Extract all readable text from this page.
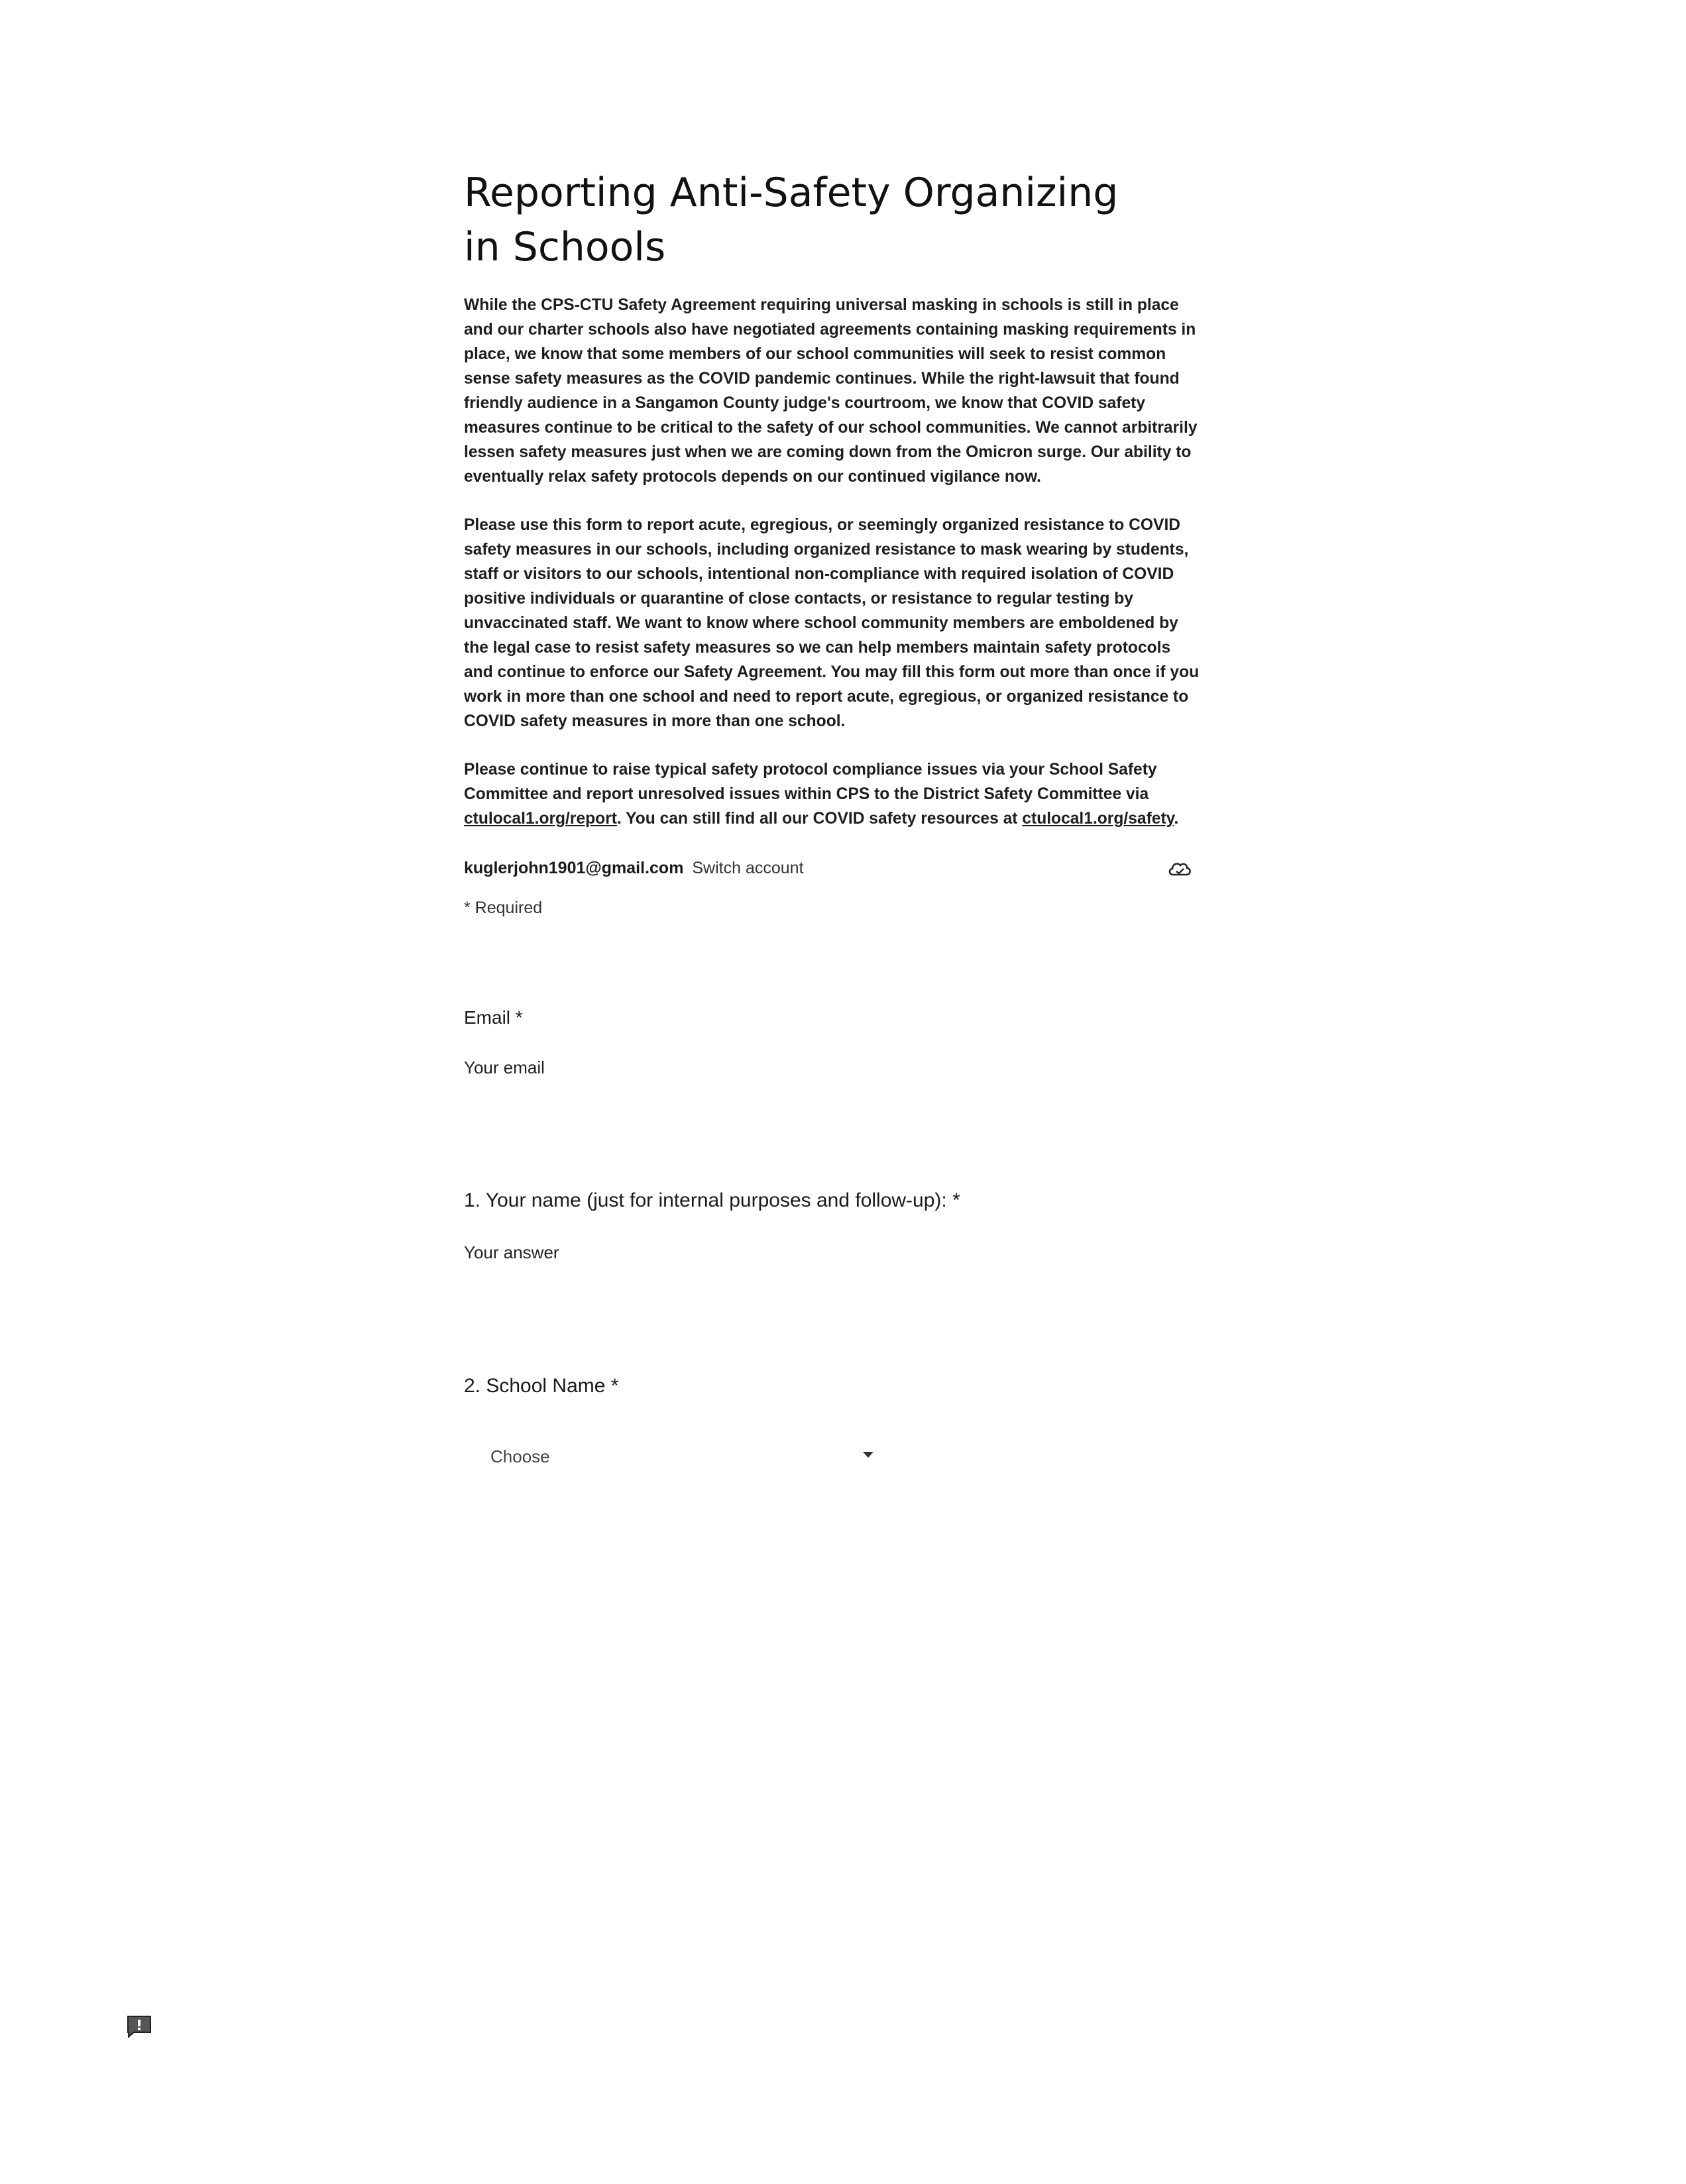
Reporting Anti-Safety Organizing in Schools

While the CPS-CTU Safety Agreement requiring universal masking in schools is still in place and our charter schools also have negotiated agreements containing masking requirements in place, we know that some members of our school communities will seek to resist common sense safety measures as the COVID pandemic continues. While the right-lawsuit that found friendly audience in a Sangamon County judge's courtroom, we know that COVID safety measures continue to be critical to the safety of our school communities. We cannot arbitrarily lessen safety measures just when we are coming down from the Omicron surge. Our ability to eventually relax safety protocols depends on our continued vigilance now.

Please use this form to report acute, egregious, or seemingly organized resistance to COVID safety measures in our schools, including organized resistance to mask wearing by students, staff or visitors to our schools, intentional non-compliance with required isolation of COVID positive individuals or quarantine of close contacts, or resistance to regular testing by unvaccinated staff. We want to know where school community members are emboldened by the legal case to resist safety measures so we can help members maintain safety protocols and continue to enforce our Safety Agreement. You may fill this form out more than once if you work in more than one school and need to report acute, egregious, or organized resistance to COVID safety measures in more than one school.

Please continue to raise typical safety protocol compliance issues via your School Safety Committee and report unresolved issues within CPS to the District Safety Committee via ctulocal1.org/report. You can still find all our COVID safety resources at ctulocal1.org/safety.

kuglerjohn1901@gmail.com Switch account
* Required
Email *
Your email
1. Your name (just for internal purposes and follow-up): *
Your answer
2. School Name *
Choose
